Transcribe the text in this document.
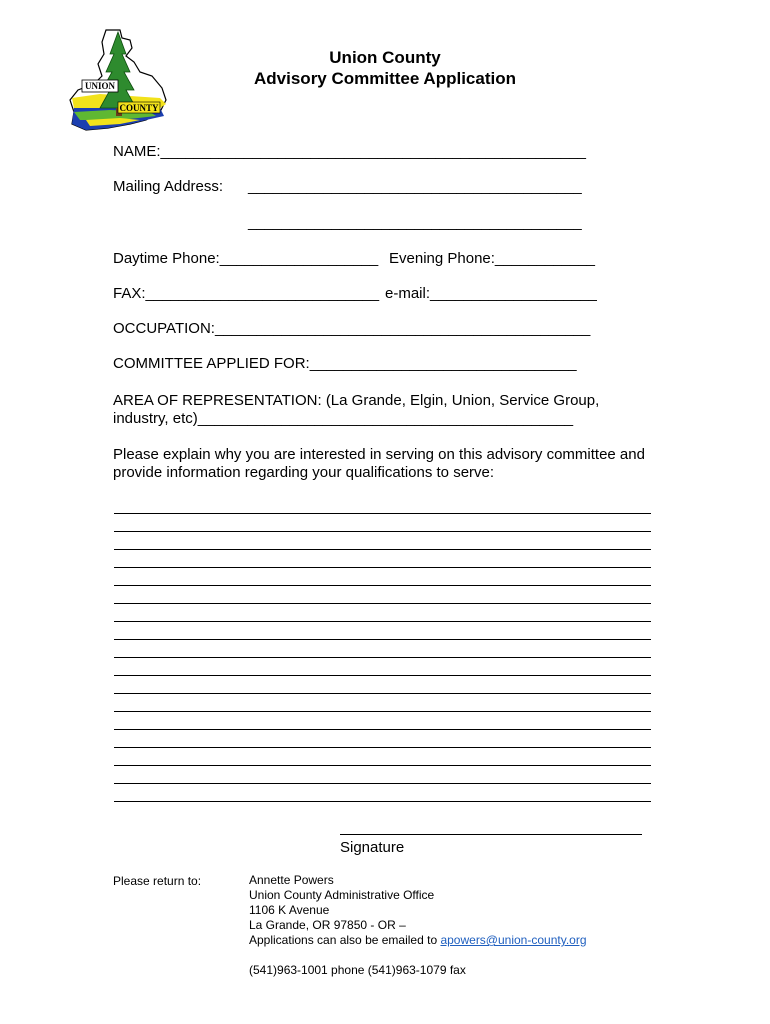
UNION
COUNTY
Union County
Advisory Committee Application
NAME:___________________________________________________
Mailing Address: ________________________________________
________________________________________
Daytime Phone:___________________ Evening Phone:____________
FAX:____________________________ e-mail:____________________
OCCUPATION:_____________________________________________
COMMITTEE APPLIED FOR:________________________________
AREA OF REPRESENTATION: (La Grande, Elgin, Union, Service Group,
industry, etc)_____________________________________________
Please explain why you are interested in serving on this advisory committee and
provide information regarding your qualifications to serve:
Signature
Please return to:	Annette Powers
Union County Administrative Office
1106 K Avenue
La Grande, OR 97850 - OR –
Applications can also be emailed to apowers@union-county.org
(541)963-1001 phone (541)963-1079 fax
